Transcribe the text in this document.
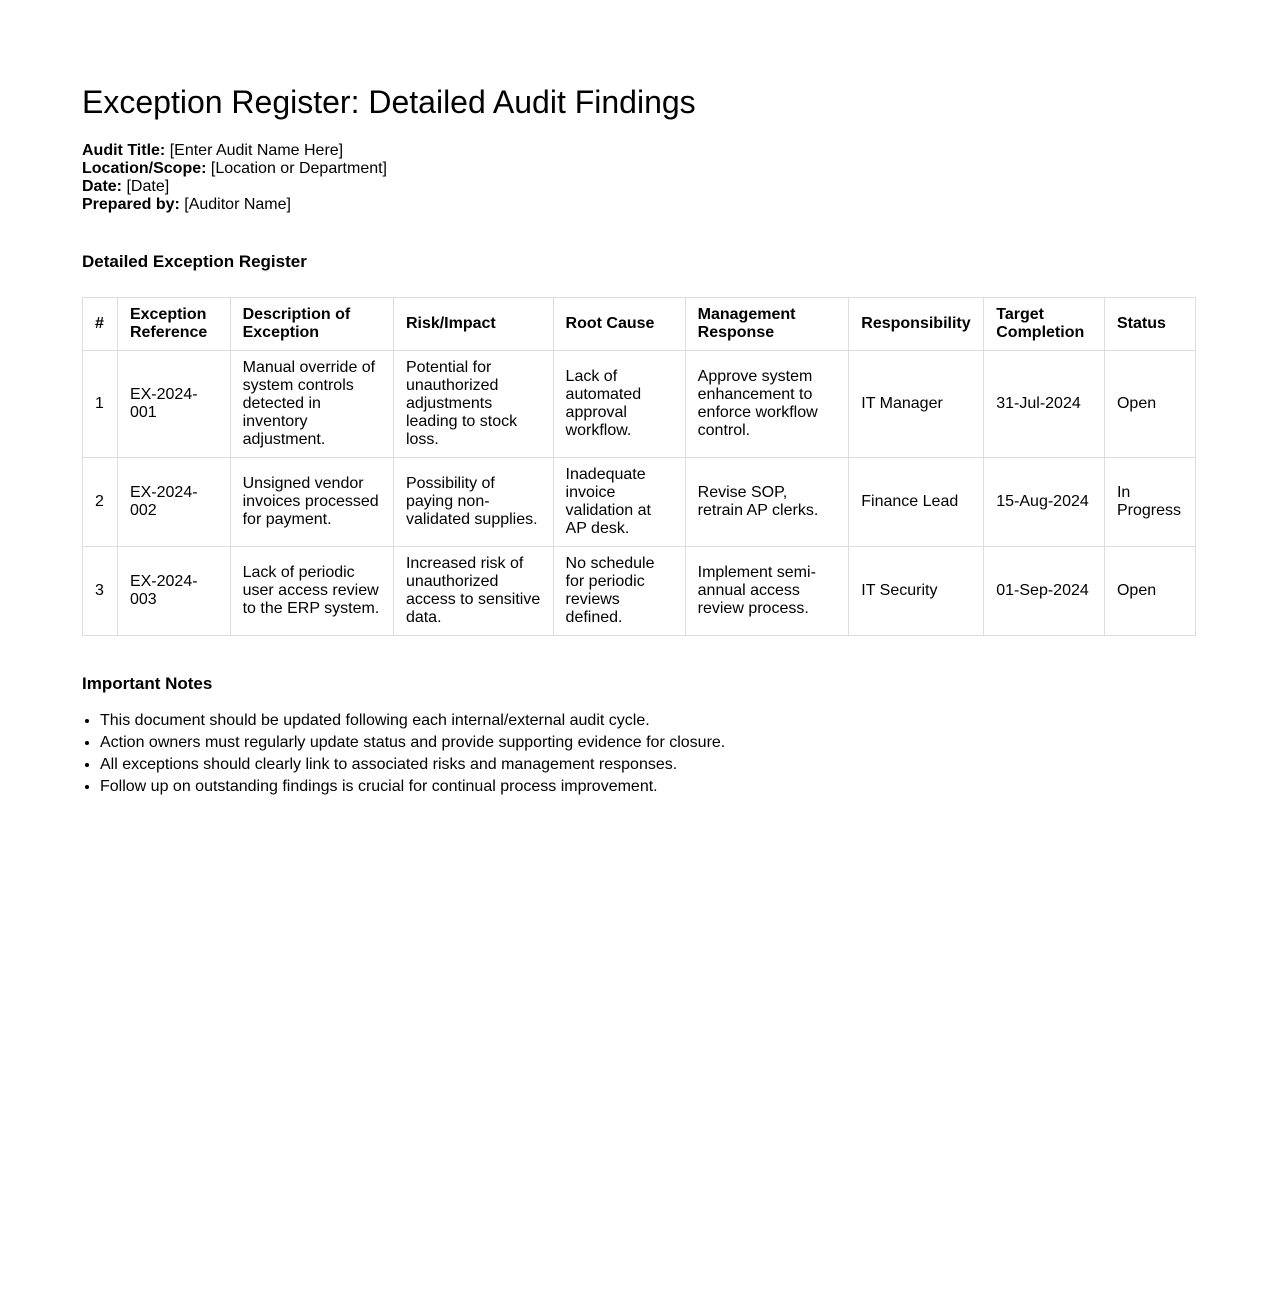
Exception Register: Detailed Audit Findings
Audit Title: [Enter Audit Name Here]
Location/Scope: [Location or Department]
Date: [Date]
Prepared by: [Auditor Name]
Detailed Exception Register
#	Exception Reference	Description of Exception	Risk/Impact	Root Cause	Management Response	Responsibility	Target Completion	Status
1	EX-2024-001	Manual override of system controls detected in inventory adjustment.	Potential for unauthorized adjustments leading to stock loss.	Lack of automated approval workflow.	Approve system enhancement to enforce workflow control.	IT Manager	31-Jul-2024	Open
2	EX-2024-002	Unsigned vendor invoices processed for payment.	Possibility of paying non-validated supplies.	Inadequate invoice validation at AP desk.	Revise SOP, retrain AP clerks.	Finance Lead	15-Aug-2024	In Progress
3	EX-2024-003	Lack of periodic user access review to the ERP system.	Increased risk of unauthorized access to sensitive data.	No schedule for periodic reviews defined.	Implement semi-annual access review process.	IT Security	01-Sep-2024	Open
Important Notes
• This document should be updated following each internal/external audit cycle.
• Action owners must regularly update status and provide supporting evidence for closure.
• All exceptions should clearly link to associated risks and management responses.
• Follow up on outstanding findings is crucial for continual process improvement.
